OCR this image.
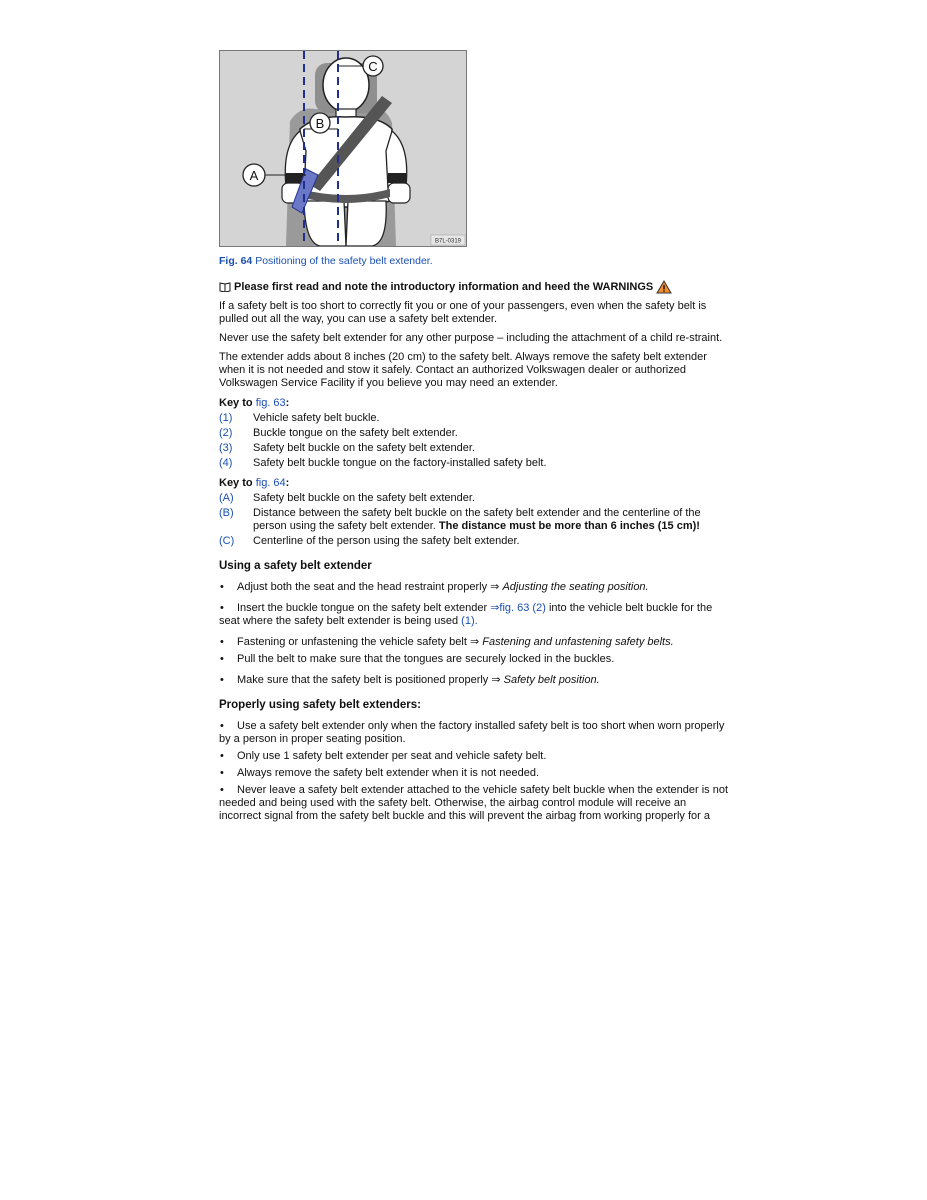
C
B
A
B7L-0319
Fig. 64 Positioning of the safety belt extender.
Please first read and note the introductory information and heed the WARNINGS

If a safety belt is too short to correctly fit you or one of your passengers, even when the safety belt is pulled out all the way, you can use a safety belt extender.

Never use the safety belt extender for any other purpose – including the attachment of a child re-straint.

The extender adds about 8 inches (20 cm) to the safety belt. Always remove the safety belt extender when it is not needed and stow it safely. Contact an authorized Volkswagen dealer or authorized Volkswagen Service Facility if you believe you may need an extender.

Key to fig. 63:
(1)	Vehicle safety belt buckle.
(2)	Buckle tongue on the safety belt extender.
(3)	Safety belt buckle on the safety belt extender.
(4)	Safety belt buckle tongue on the factory-installed safety belt.
Key to fig. 64:
(A)	Safety belt buckle on the safety belt extender.
(B)	Distance between the safety belt buckle on the safety belt extender and the centerline of the person using the safety belt extender. The distance must be more than 6 inches (15 cm)!
(C)	Centerline of the person using the safety belt extender.
Using a safety belt extender
• Adjust both the seat and the head restraint properly ⇒ Adjusting the seating position.
• Insert the buckle tongue on the safety belt extender ⇒fig. 63 (2) into the vehicle belt buckle for the seat where the safety belt extender is being used (1).
• Fastening or unfastening the vehicle safety belt ⇒ Fastening and unfastening safety belts.
• Pull the belt to make sure that the tongues are securely locked in the buckles.
• Make sure that the safety belt is positioned properly ⇒ Safety belt position.
Properly using safety belt extenders:
• Use a safety belt extender only when the factory installed safety belt is too short when worn properly by a person in proper seating position.
• Only use 1 safety belt extender per seat and vehicle safety belt.
• Always remove the safety belt extender when it is not needed.
• Never leave a safety belt extender attached to the vehicle safety belt buckle when the extender is not needed and being used with the safety belt. Otherwise, the airbag control module will receive an incorrect signal from the safety belt buckle and this will prevent the airbag from working properly for a
